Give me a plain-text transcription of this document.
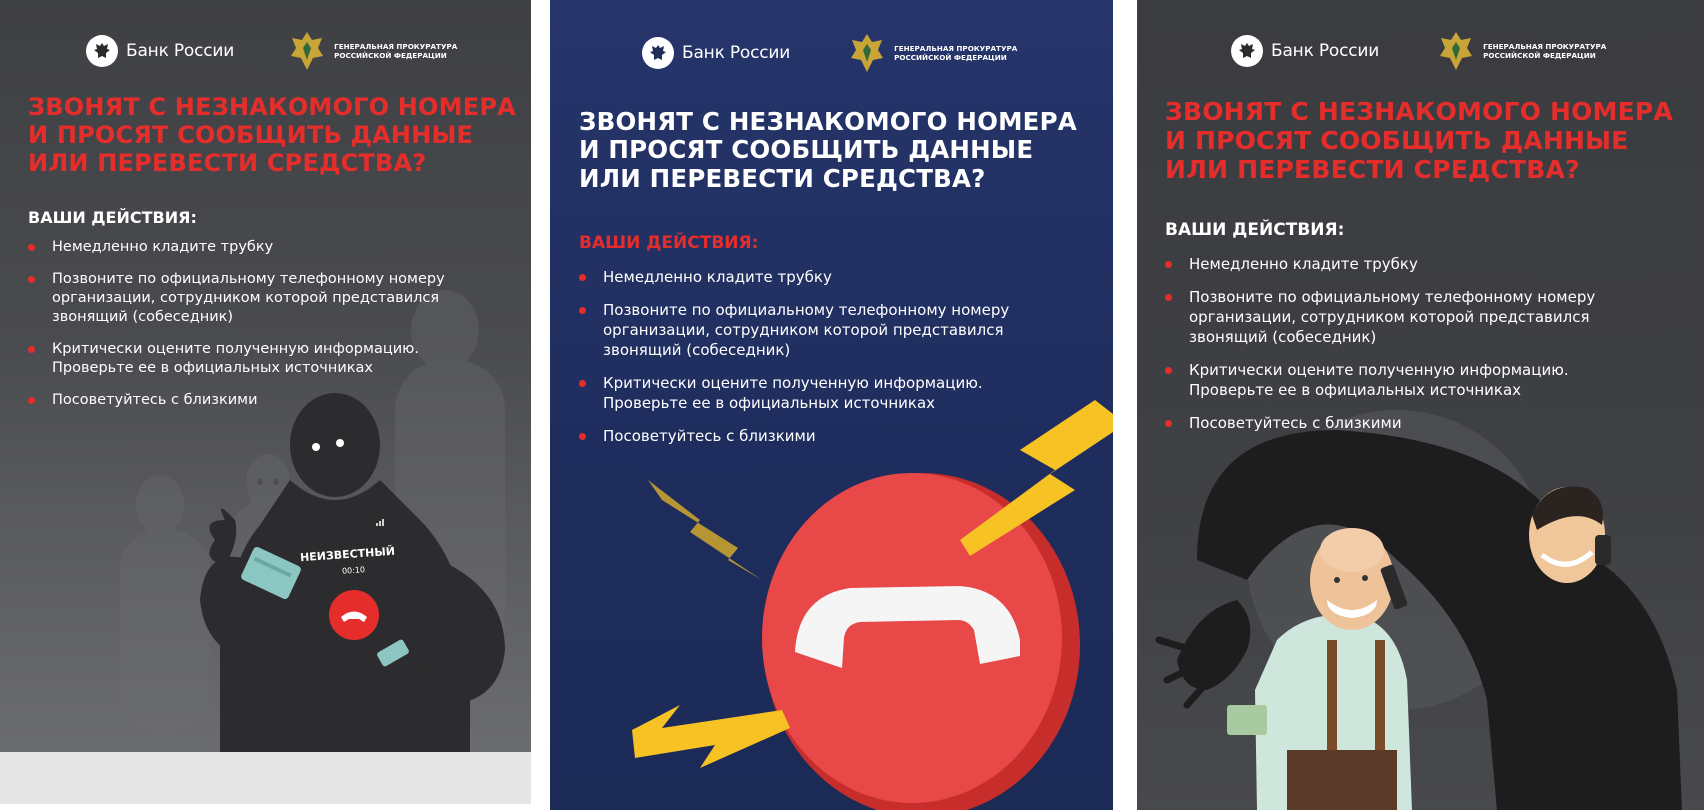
Банк России	ГЕНЕРАЛЬНАЯ ПРОКУРАТУРА
РОССИЙСКОЙ ФЕДЕРАЦИИ
ЗВОНЯТ С НЕЗНАКОМОГО НОМЕРА
И ПРОСЯТ СООБЩИТЬ ДАННЫЕ
ИЛИ ПЕРЕВЕСТИ СРЕДСТВА?
ВАШИ ДЕЙСТВИЯ:
Немедленно кладите трубку
Позвоните по официальному телефонному номеру
организации, сотрудником которой представился
звонящий (собеседник)
Критически оцените полученную информацию.
Проверьте ее в официальных источниках
Посоветуйтесь с близкими
НЕИЗВЕСТНЫЙ
00:10
Банк России	ГЕНЕРАЛЬНАЯ ПРОКУРАТУРА
РОССИЙСКОЙ ФЕДЕРАЦИИ
ЗВОНЯТ С НЕЗНАКОМОГО НОМЕРА
И ПРОСЯТ СООБЩИТЬ ДАННЫЕ
ИЛИ ПЕРЕВЕСТИ СРЕДСТВА?
ВАШИ ДЕЙСТВИЯ:
Немедленно кладите трубку
Позвоните по официальному телефонному номеру
организации, сотрудником которой представился
звонящий (собеседник)
Критически оцените полученную информацию.
Проверьте ее в официальных источниках
Посоветуйтесь с близкими
Банк России	ГЕНЕРАЛЬНАЯ ПРОКУРАТУРА
РОССИЙСКОЙ ФЕДЕРАЦИИ
ЗВОНЯТ С НЕЗНАКОМОГО НОМЕРА
И ПРОСЯТ СООБЩИТЬ ДАННЫЕ
ИЛИ ПЕРЕВЕСТИ СРЕДСТВА?
ВАШИ ДЕЙСТВИЯ:
Немедленно кладите трубку
Позвоните по официальному телефонному номеру
организации, сотрудником которой представился
звонящий (собеседник)
Критически оцените полученную информацию.
Проверьте ее в официальных источниках
Посоветуйтесь с близкими
